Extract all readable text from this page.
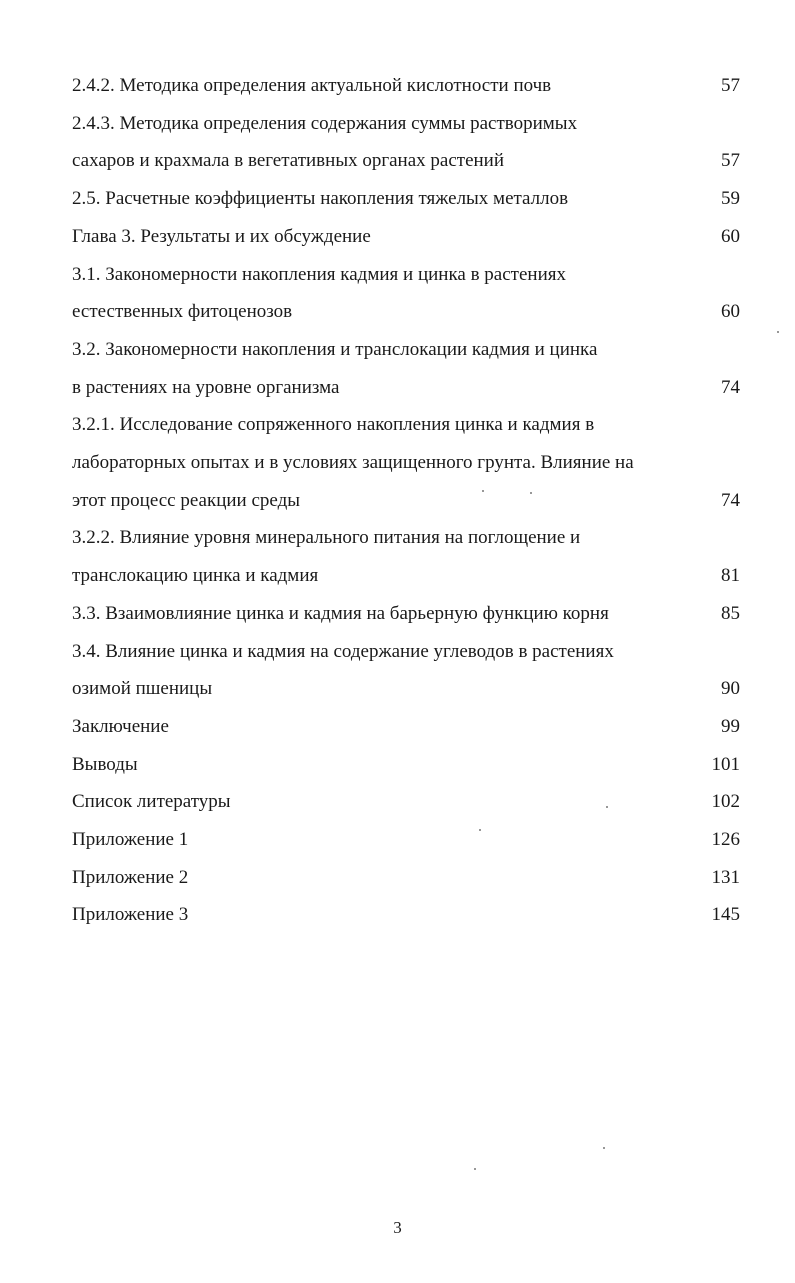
2.4.2. Методика определения актуальной кислотности почв	57
2.4.3. Методика определения содержания суммы растворимых
сахаров и крахмала в вегетативных органах растений	57
2.5. Расчетные коэффициенты накопления тяжелых металлов	59
Глава 3. Результаты и их обсуждение	60
3.1. Закономерности накопления кадмия и цинка в растениях
естественных фитоценозов	60
3.2. Закономерности накопления и транслокации кадмия и цинка
в растениях на уровне организма	74
3.2.1. Исследование сопряженного накопления цинка и кадмия в
лабораторных опытах и в условиях защищенного грунта. Влияние на
этот процесс реакции среды	74
3.2.2. Влияние уровня минерального питания на поглощение и
транслокацию цинка и кадмия	81
3.3. Взаимовлияние цинка и кадмия на барьерную функцию корня	85
3.4. Влияние цинка и кадмия на содержание углеводов в растениях
озимой пшеницы	90
Заключение	99
Выводы	101
Список литературы	102
Приложение 1	126
Приложение 2	131
Приложение 3	145
3
